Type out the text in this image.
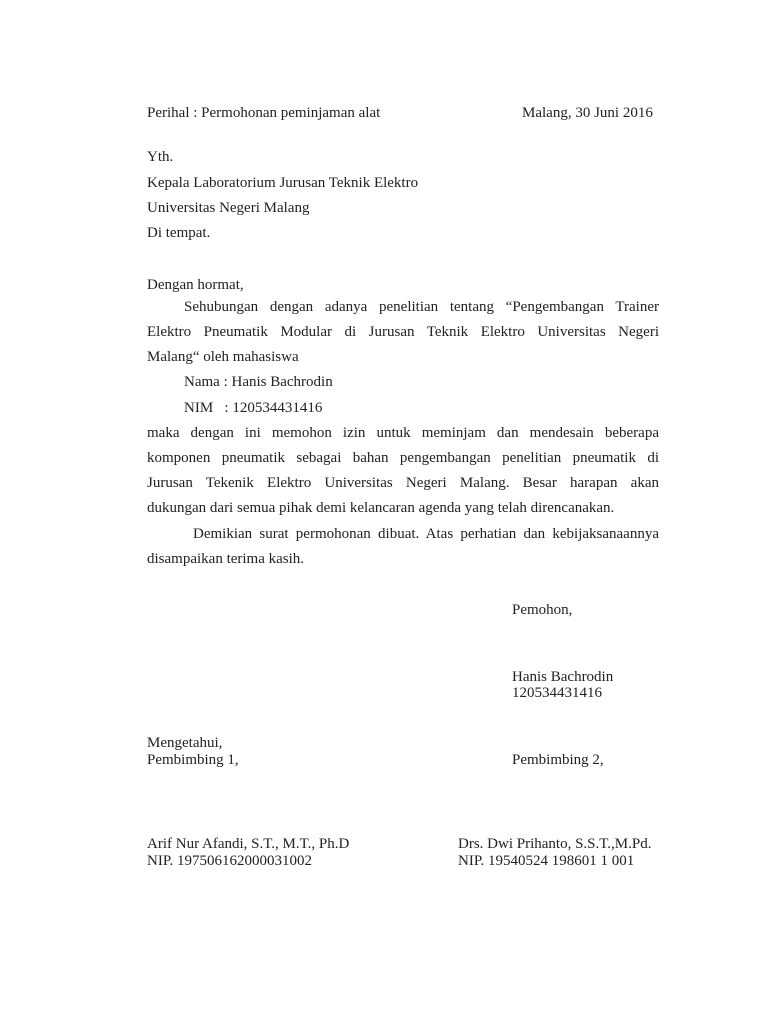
Perihal : Permohonan peminjaman alat	Malang, 30 Juni 2016
Yth.
Kepala Laboratorium Jurusan Teknik Elektro
Universitas Negeri Malang
Di tempat.
Dengan hormat,
Sehubungan dengan adanya penelitian tentang “Pengembangan Trainer
Elektro Pneumatik Modular di Jurusan Teknik Elektro Universitas Negeri
Malang“ oleh mahasiswa
Nama : Hanis Bachrodin
NIM   : 120534431416
maka dengan ini memohon izin untuk meminjam dan mendesain beberapa
komponen pneumatik sebagai bahan pengembangan penelitian pneumatik di
Jurusan Tekenik Elektro Universitas Negeri Malang. Besar harapan akan
dukungan dari semua pihak demi kelancaran agenda yang telah direncanakan.
Demikian surat permohonan dibuat. Atas perhatian dan kebijaksanaannya
disampaikan terima kasih.
Pemohon,
Hanis Bachrodin
120534431416
Mengetahui,
Pembimbing 1,	Pembimbing 2,
Arif Nur Afandi, S.T., M.T., Ph.D
NIP. 197506162000031002
Drs. Dwi Prihanto, S.S.T.,M.Pd.
NIP. 19540524 198601 1 001
